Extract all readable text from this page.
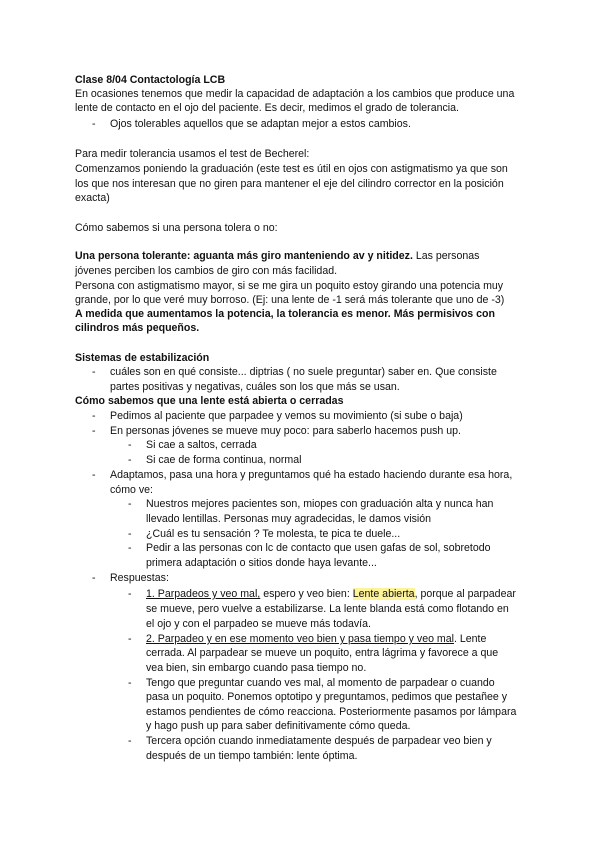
Clase 8/04 Contactología LCB
En ocasiones tenemos que medir la capacidad de adaptación a los cambios que produce una
lente de contacto en el ojo del paciente. Es decir, medimos el grado de tolerancia.
- Ojos tolerables aquellos que se adaptan mejor a estos cambios.
Para medir tolerancia usamos el test de Becherel:
Comenzamos poniendo la graduación (este test es útil en ojos con astigmatismo ya que son
los que nos interesan que no giren para mantener el eje del cilindro corrector en la posición
exacta)
Cómo sabemos si una persona tolera o no:
Una persona tolerante: aguanta más giro manteniendo av y nitidez. Las personas
jóvenes perciben los cambios de giro con más facilidad.
Persona con astigmatismo mayor, si se me gira un poquito estoy girando una potencia muy
grande, por lo que veré muy borroso. (Ej: una lente de -1 será más tolerante que uno de -3)
A medida que aumentamos la potencia, la tolerancia es menor. Más permisivos con
cilindros más pequeños.
Sistemas de estabilización
- cuáles son en qué consiste... diptrias ( no suele preguntar) saber en. Que consiste
partes positivas y negativas, cuáles son los que más se usan.
Cómo sabemos que una lente está abierta o cerradas
- Pedimos al paciente que parpadee y vemos su movimiento (si sube o baja)
- En personas jóvenes se mueve muy poco: para saberlo hacemos push up.
- Si cae a saltos, cerrada
- Si cae de forma continua, normal
- Adaptamos, pasa una hora y preguntamos qué ha estado haciendo durante esa hora,
cómo ve:
- Nuestros mejores pacientes son, miopes con graduación alta y nunca han
llevado lentillas. Personas muy agradecidas, le damos visión
- ¿Cuál es tu sensación ? Te molesta, te pica te duele...
- Pedir a las personas con lc de contacto que usen gafas de sol, sobretodo
primera adaptación o sitios donde haya levante...
- Respuestas:
- 1. Parpadeos y veo mal, espero y veo bien: Lente abierta, porque al parpadear
se mueve, pero vuelve a estabilizarse. La lente blanda está como flotando en
el ojo y con el parpadeo se mueve más todavía.
- 2. Parpadeo y en ese momento veo bien y pasa tiempo y veo mal. Lente
cerrada. Al parpadear se mueve un poquito, entra lágrima y favorece a que
vea bien, sin embargo cuando pasa tiempo no.
- Tengo que preguntar cuando ves mal, al momento de parpadear o cuando
pasa un poquito. Ponemos optotipo y preguntamos, pedimos que pestañee y
estamos pendientes de cómo reacciona. Posteriormente pasamos por lámpara
y hago push up para saber definitivamente cómo queda.
- Tercera opción cuando inmediatamente después de parpadear veo bien y
después de un tiempo también: lente óptima.
